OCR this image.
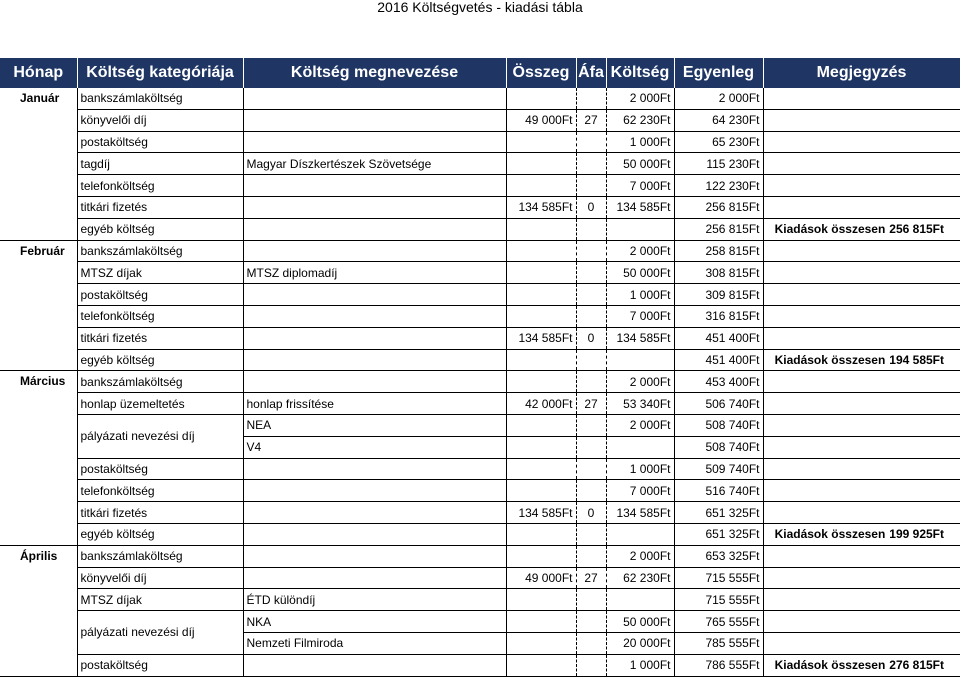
2016 Költségvetés - kiadási tábla
Hónap	Költség kategóriája	Költség megnevezése	Összeg	Áfa	Költség	Egyenleg	Megjegyzés
Január	bankszámlaköltség				2 000Ft	2 000Ft	
	könyvelői díj		49 000Ft	27	62 230Ft	64 230Ft	
	postaköltség				1 000Ft	65 230Ft	
	tagdíj	Magyar Díszkertészek Szövetsége			50 000Ft	115 230Ft	
	telefonköltség				7 000Ft	122 230Ft	
	titkári fizetés		134 585Ft	0	134 585Ft	256 815Ft	
	egyéb költség					256 815Ft	Kiadások összesen 256 815Ft
Február	bankszámlaköltség				2 000Ft	258 815Ft	
	MTSZ díjak	MTSZ diplomadíj			50 000Ft	308 815Ft	
	postaköltség				1 000Ft	309 815Ft	
	telefonköltség				7 000Ft	316 815Ft	
	titkári fizetés		134 585Ft	0	134 585Ft	451 400Ft	
	egyéb költség					451 400Ft	Kiadások összesen 194 585Ft
Március	bankszámlaköltség				2 000Ft	453 400Ft	
	honlap üzemeltetés	honlap frissítése	42 000Ft	27	53 340Ft	506 740Ft	
	pályázati nevezési díj	NEA			2 000Ft	508 740Ft	
		V4				508 740Ft	
	postaköltség				1 000Ft	509 740Ft	
	telefonköltség				7 000Ft	516 740Ft	
	titkári fizetés		134 585Ft	0	134 585Ft	651 325Ft	
	egyéb költség					651 325Ft	Kiadások összesen 199 925Ft
Április	bankszámlaköltség				2 000Ft	653 325Ft	
	könyvelői díj		49 000Ft	27	62 230Ft	715 555Ft	
	MTSZ díjak	ÉTD különdíj				715 555Ft	
	pályázati nevezési díj	NKA			50 000Ft	765 555Ft	
		Nemzeti Filmiroda			20 000Ft	785 555Ft	
	postaköltség				1 000Ft	786 555Ft	Kiadások összesen 276 815Ft
